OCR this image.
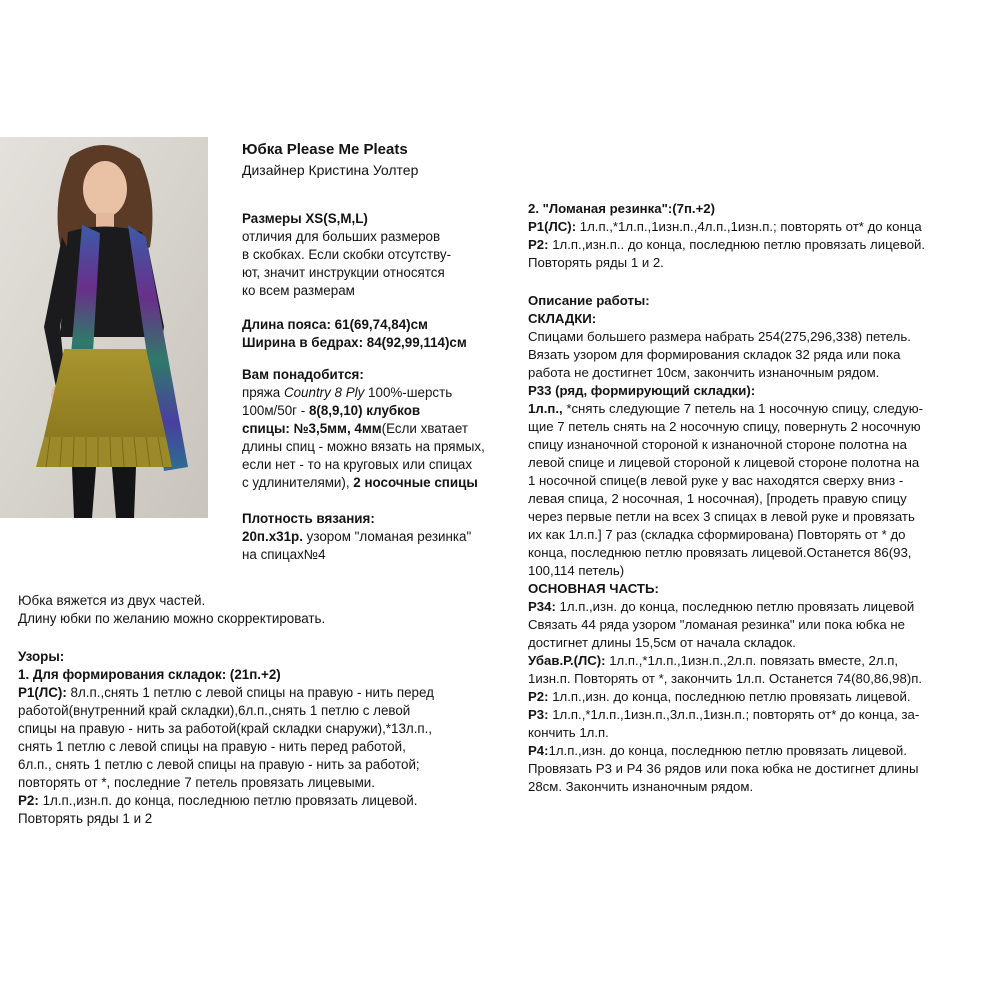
Юбка Please Me Pleats

Дизайнер Кристина Уолтер

Размеры XS(S,M,L)

отличия для больших размеров

в скобках. Если скобки отсутству-

ют, значит инструкции относятся

ко всем размерам

Длина пояса: 61(69,74,84)см

Ширина в бедрах: 84(92,99,114)см

Вам понадобится:

пряжа Country 8 Ply 100%-шерсть

100м/50г - 8(8,9,10) клубков

спицы: №3,5мм, 4мм(Если хватает

длины спиц - можно вязать на прямых,

если нет - то на круговых или спицах

с удлинителями), 2 носочные спицы

Плотность вязания:

20п.х31р. узором "ломаная резинка"

на спицах№4

2. "Ломаная резинка":(7п.+2)

Р1(ЛС): 1л.п.,*1л.п.,1изн.п.,4л.п.,1изн.п.; повторять от* до конца

Р2: 1л.п.,изн.п.. до конца, последнюю петлю провязать лицевой.

Повторять ряды 1 и 2.

Описание работы:

СКЛАДКИ:

Спицами большего размера набрать 254(275,296,338) петель.

Вязать узором для формирования складок 32 ряда или пока

работа не достигнет 10см, закончить изнаночным рядом.

Р33 (ряд, формирующий складки):

1л.п., *снять следующие 7 петель на 1 носочную спицу, следую-

щие 7 петель снять на 2 носочную спицу, повернуть 2 носочную

спицу изнаночной стороной к изнаночной стороне полотна на

левой спице и лицевой стороной к лицевой стороне полотна на

1 носочной спице(в левой руке у вас находятся сверху вниз -

левая спица, 2 носочная, 1 носочная), [продеть правую спицу

через первые петли на всех 3 спицах в левой руке и провязать

их как 1л.п.] 7 раз (складка сформирована) Повторять от * до

конца, последнюю петлю провязать лицевой.Останется 86(93,

100,114 петель)

ОСНОВНАЯ ЧАСТЬ:

Р34: 1л.п.,изн. до конца, последнюю петлю провязать лицевой

Связать 44 ряда узором "ломаная резинка" или пока юбка не

достигнет длины 15,5см от начала складок.

Убав.Р.(ЛС): 1л.п.,*1л.п.,1изн.п.,2л.п. повязать вместе, 2л.п,

1изн.п. Повторять от *, закончить 1л.п. Останется 74(80,86,98)п.

Р2: 1л.п.,изн. до конца, последнюю петлю провязать лицевой.

Р3: 1л.п.,*1л.п.,1изн.п.,3л.п.,1изн.п.; повторять от* до конца, за-

кончить 1л.п.

Р4:1л.п.,изн. до конца, последнюю петлю провязать лицевой.

Провязать Р3 и Р4 36 рядов или пока юбка не достигнет длины

28см. Закончить изнаночным рядом.

Юбка вяжется из двух частей.

Длину юбки по желанию можно скорректировать.

Узоры:

1. Для формирования складок: (21п.+2)

Р1(ЛС): 8л.п.,снять 1 петлю с левой спицы на правую - нить перед

работой(внутренний край складки),6л.п.,снять 1 петлю с левой

спицы на правую - нить за работой(край складки снаружи),*13л.п.,

снять 1 петлю с левой спицы на правую - нить перед работой,

6л.п., снять 1 петлю с левой спицы на правую - нить за работой;

повторять от *, последние 7 петель провязать лицевыми.

Р2: 1л.п.,изн.п. до конца, последнюю петлю провязать лицевой.

Повторять ряды 1 и 2
